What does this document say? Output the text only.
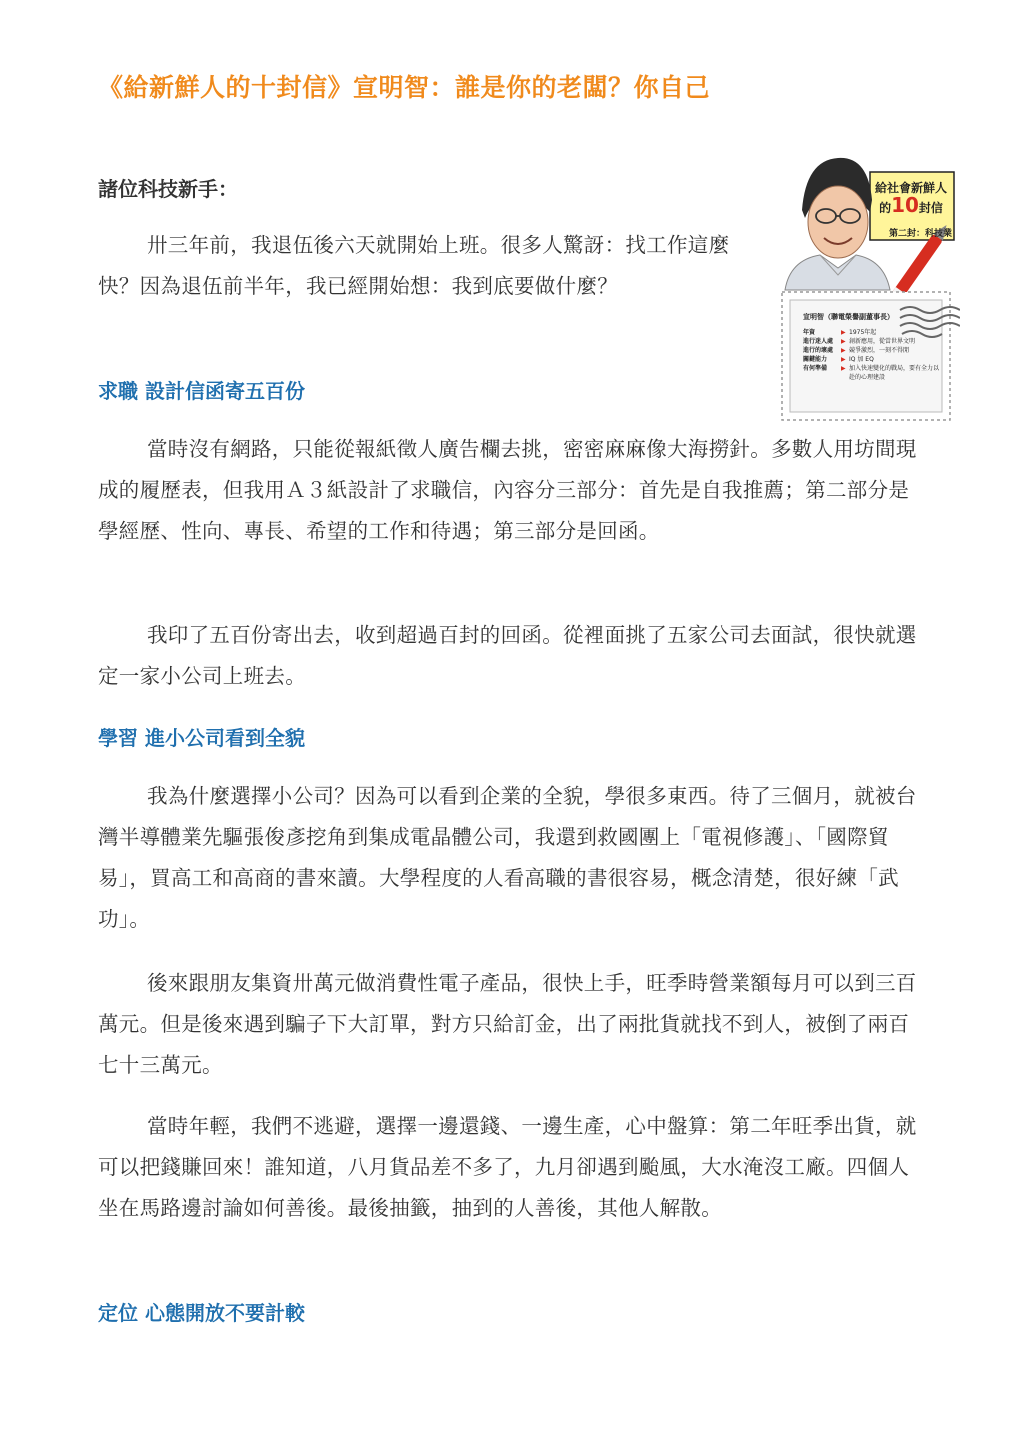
《給新鮮人的十封信》宣明智：誰是你的老闆？你自己

諸位科技新手：

卅三年前，我退伍後六天就開始上班。很多人驚訝：找工作這麼快？因為退伍前半年，我已經開始想：我到底要做什麼？

求職 設計信函寄五百份

當時沒有網路，只能從報紙徵人廣告欄去挑，密密麻麻像大海撈針。多數人用坊間現成的履歷表，但我用Ａ３紙設計了求職信，內容分三部分：首先是自我推薦；第二部分是學經歷、性向、專長、希望的工作和待遇；第三部分是回函。

我印了五百份寄出去，收到超過百封的回函。從裡面挑了五家公司去面試，很快就選定一家小公司上班去。

學習 進小公司看到全貌

我為什麼選擇小公司？因為可以看到企業的全貌，學很多東西。待了三個月，就被台灣半導體業先驅張俊彥挖角到集成電晶體公司，我還到救國團上「電視修護」、「國際貿易」，買高工和高商的書來讀。大學程度的人看高職的書很容易，概念清楚，很好練「武功」。

後來跟朋友集資卅萬元做消費性電子產品，很快上手，旺季時營業額每月可以到三百萬元。但是後來遇到騙子下大訂單，對方只給訂金，出了兩批貨就找不到人，被倒了兩百七十三萬元。

當時年輕，我們不逃避，選擇一邊還錢、一邊生產，心中盤算：第二年旺季出貨，就可以把錢賺回來！誰知道，八月貨品差不多了，九月卻遇到颱風，大水淹沒工廠。四個人坐在馬路邊討論如何善後。最後抽籤，抽到的人善後，其他人解散。

定位 心態開放不要計較
給社會新鮮人
的10封信
第二封：科技業
宣明智（聯電榮譽副董事長）
年資	▶ 1975年起
進行迷人處	▶ 創新應用，從當世界文明
進行的壞處	▶ 競爭激烈，一刻不得閒
關鍵能力	▶ IQ 加 EQ
有何準備	▶ 加入快速變化的戰局，要有全力以赴的心理建設
